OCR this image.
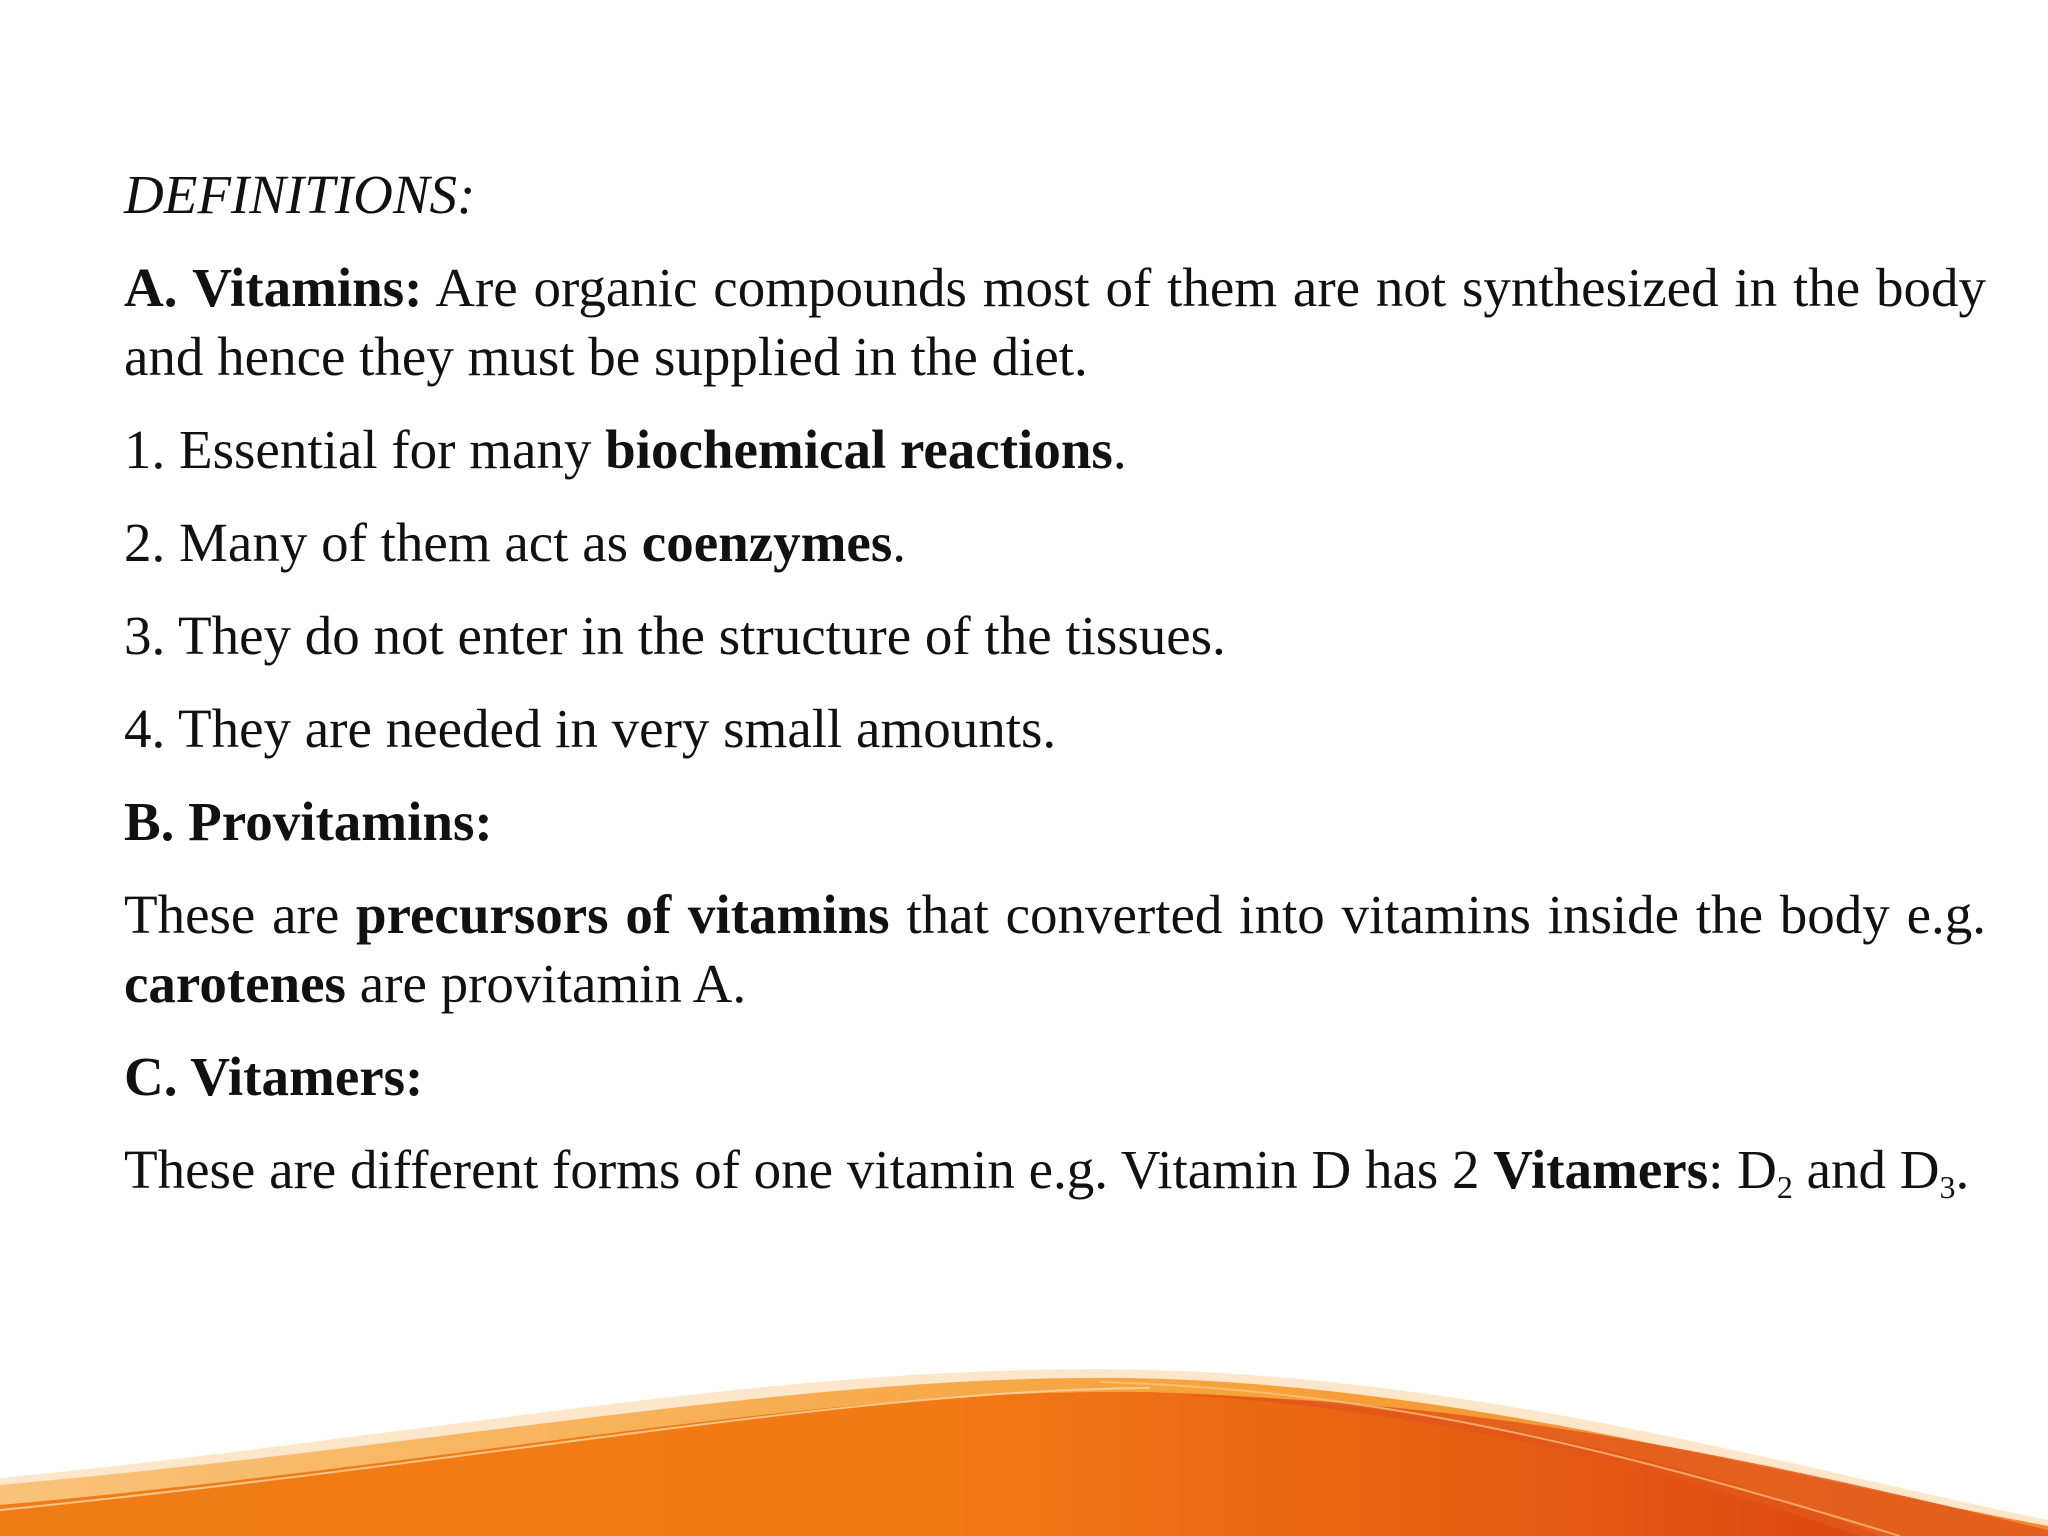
DEFINITIONS:

A. Vitamins: Are organic compounds most of them are not synthesized in the body and hence they must be supplied in the diet.

1. Essential for many biochemical reactions.

2. Many of them act as coenzymes.

3. They do not enter in the structure of the tissues.

4. They are needed in very small amounts.

B. Provitamins:

These are precursors of vitamins that converted into vitamins inside the body e.g. carotenes are provitamin A.

C. Vitamers:

These are different forms of one vitamin e.g. Vitamin D has 2 Vitamers: $D_2$ and $D_3$.
